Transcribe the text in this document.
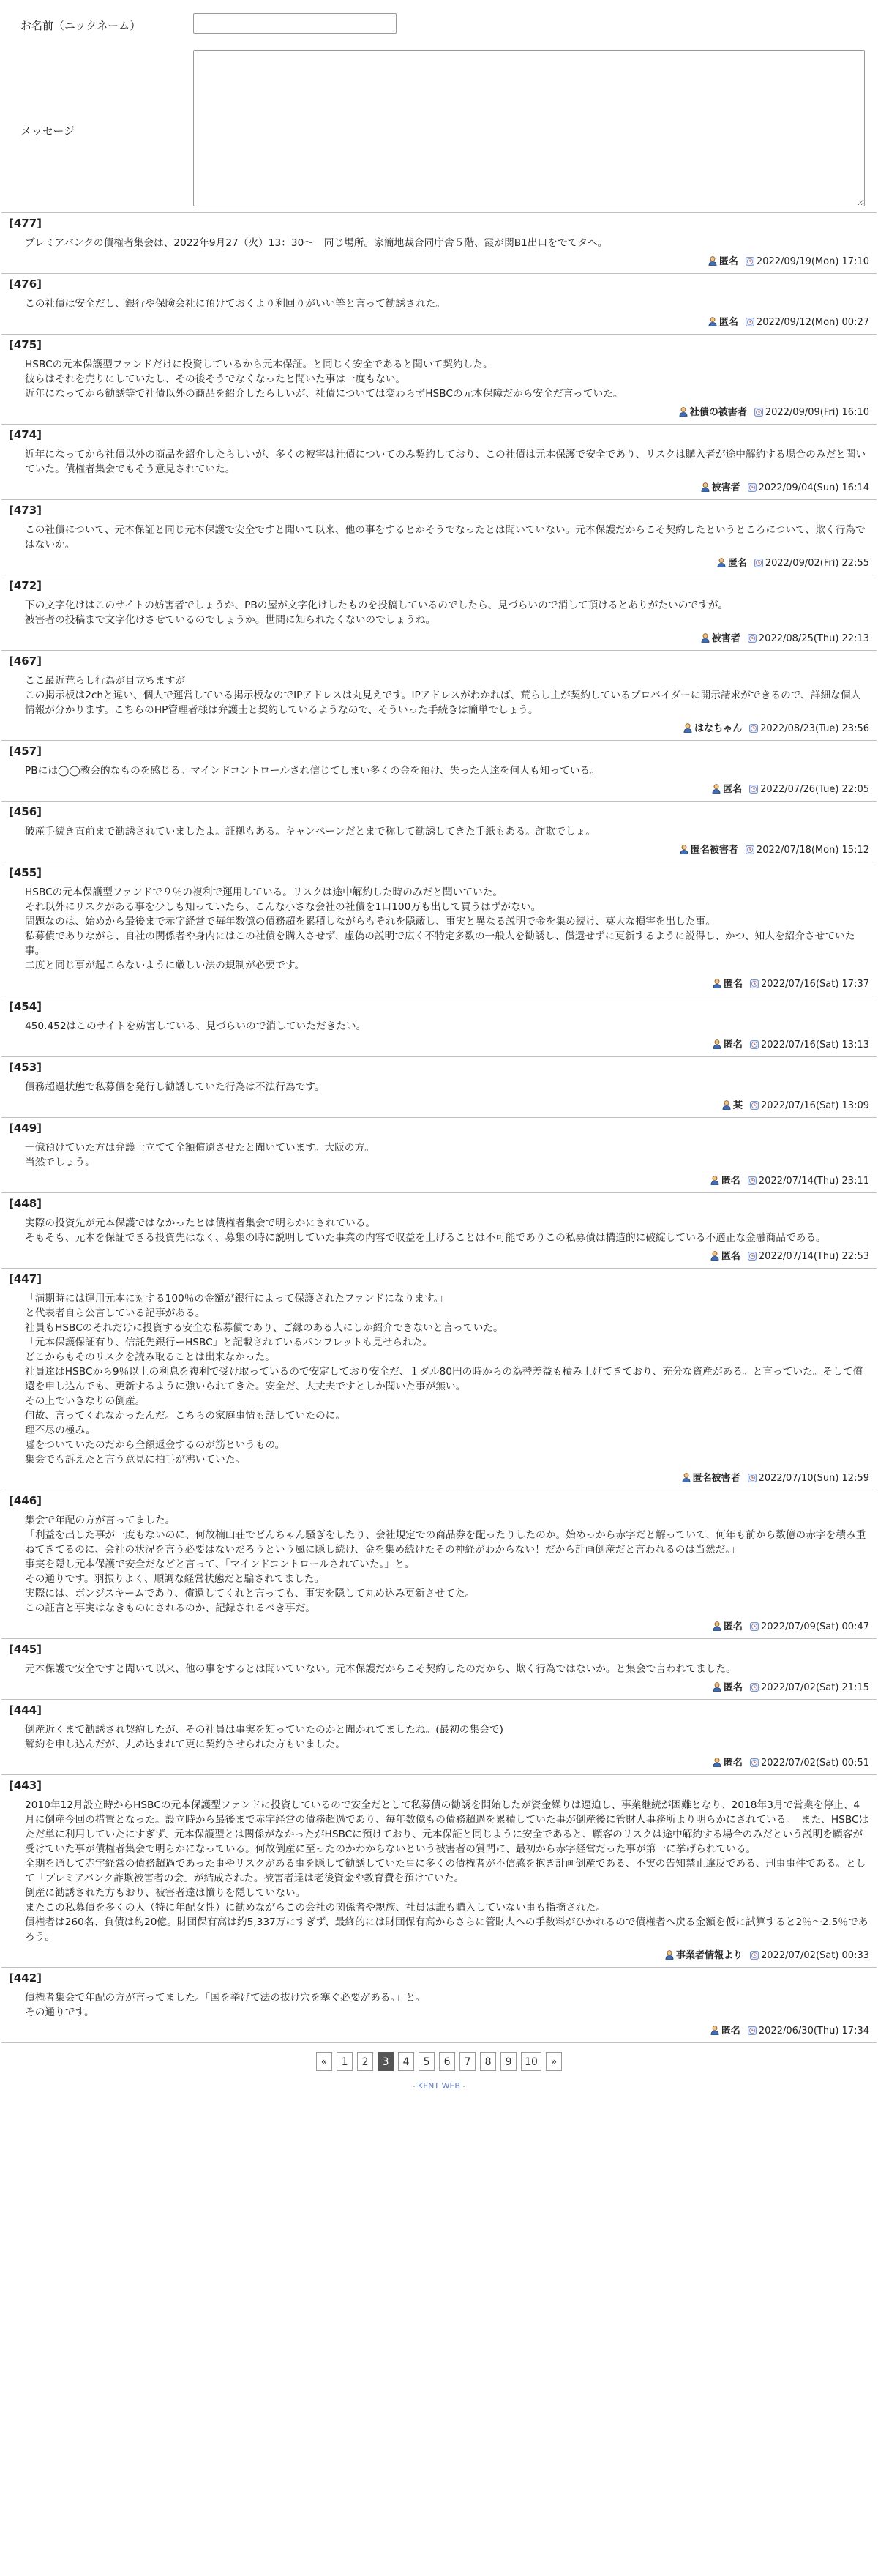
お名前（ニックネーム）
メッセージ
[477]
プレミアバンクの債権者集会は、2022年9月27（火）13：30〜　同じ場所。家簡地裁合同庁舎５階、霞が関B1出口をでてタへ。
匿名 2022/09/19(Mon) 17:10
[476]
この社債は安全だし、銀行や保険会社に預けておくより利回りがいい等と言って勧誘された。
匿名 2022/09/12(Mon) 00:27
[475]
HSBCの元本保護型ファンドだけに投資しているから元本保証。と同じく安全であると聞いて契約した。
彼らはそれを売りにしていたし、その後そうでなくなったと聞いた事は一度もない。
近年になってから勧誘等で社債以外の商品を紹介したらしいが、社債については変わらずHSBCの元本保障だから安全だ言っていた。
社債の被害者 2022/09/09(Fri) 16:10
[474]
近年になってから社債以外の商品を紹介したらしいが、多くの被害は社債についてのみ契約しており、この社債は元本保護で安全であり、リスクは購入者が途中解約する場合のみだと聞いていた。債権者集会でもそう意見されていた。
被害者 2022/09/04(Sun) 16:14
[473]
この社債について、元本保証と同じ元本保護で安全ですと聞いて以来、他の事をするとかそうでなったとは聞いていない。元本保護だからこそ契約したというところについて、欺く行為ではないか。
匿名 2022/09/02(Fri) 22:55
[472]
下の文字化けはこのサイトの妨害者でしょうか、PBの屋が文字化けしたものを投稿しているのでしたら、見づらいので消して頂けるとありがたいのですが。
被害者の投稿まで文字化けさせているのでしょうか。世間に知られたくないのでしょうね。
被害者 2022/08/25(Thu) 22:13
[467]
ここ最近荒らし行為が目立ちますが
この掲示板は2chと違い、個人で運営している掲示板なのでIPアドレスは丸見えです。IPアドレスがわかれば、荒らし主が契約しているプロバイダーに開示請求ができるので、詳細な個人情報が分かります。こちらのHP管理者様は弁護士と契約しているようなので、そういった手続きは簡単でしょう。
はなちゃん 2022/08/23(Tue) 23:56
[457]
PBには◯◯教会的なものを感じる。マインドコントロールされ信じてしまい多くの金を預け、失った人達を何人も知っている。
匿名 2022/07/26(Tue) 22:05
[456]
破産手続き直前まで勧誘されていましたよ。証拠もある。キャンペーンだとまで称して勧誘してきた手紙もある。詐欺でしょ。
匿名被害者 2022/07/18(Mon) 15:12
[455]
HSBCの元本保護型ファンドで９％の複利で運用している。リスクは途中解約した時のみだと聞いていた。
それ以外にリスクがある事を少しも知っていたら、こんな小さな会社の社債を1口100万も出して買うはずがない。
問題なのは、始めから最後まで赤字経営で毎年数億の債務超を累積しながらもそれを隠蔽し、事実と異なる説明で金を集め続け、莫大な損害を出した事。
私募債でありながら、自社の関係者や身内にはこの社債を購入させず、虚偽の説明で広く不特定多数の一般人を勧誘し、償還せずに更新するように説得し、かつ、知人を紹介させていた事。
二度と同じ事が起こらないように厳しい法の規制が必要です。
匿名 2022/07/16(Sat) 17:37
[454]
450.452はこのサイトを妨害している、見づらいので消していただきたい。
匿名 2022/07/16(Sat) 13:13
[453]
債務超過状態で私募債を発行し勧誘していた行為は不法行為です。
某 2022/07/16(Sat) 13:09
[449]
一億預けていた方は弁護士立てて全額償還させたと聞いています。大阪の方。
当然でしょう。
匿名 2022/07/14(Thu) 23:11
[448]
実際の投資先が元本保護ではなかったとは債権者集会で明らかにされている。
そもそも、元本を保証できる投資先はなく、募集の時に説明していた事業の内容で収益を上げることは不可能でありこの私募債は構造的に破綻している不適正な金融商品である。
匿名 2022/07/14(Thu) 22:53
[447]
「満期時には運用元本に対する100％の金額が銀行によって保護されたファンドになります。」
と代表者自ら公言している記事がある。
社員もHSBCのそれだけに投資する安全な私募債であり、ご縁のある人にしか紹介できないと言っていた。
「元本保護保証有り、信託先銀行ーHSBC」と記載されているパンフレットも見せられた。
どこからもそのリスクを読み取ることは出来なかった。
社員達はHSBCから9％以上の利息を複利で受け取っているので安定しており安全だ、１ダル80円の時からの為替差益も積み上げてきており、充分な資産がある。と言っていた。そして償還を申し込んでも、更新するように強いられてきた。安全だ、大丈夫ですとしか聞いた事が無い。
その上でいきなりの倒産。
何故、言ってくれなかったんだ。こちらの家庭事情も話していたのに。
理不尽の極み。
嘘をついていたのだから全額返金するのが筋というもの。
集会でも訴えたと言う意見に拍手が沸いていた。
匿名被害者 2022/07/10(Sun) 12:59
[446]
集会で年配の方が言ってました。
「利益を出した事が一度もないのに、何故楠山荘でどんちゃん騒ぎをしたり、会社規定での商品券を配ったりしたのか。始めっから赤字だと解っていて、何年も前から数億の赤字を積み重ねてきてるのに、会社の状況を言う必要はないだろうという風に隠し続け、金を集め続けたその神経がわからない！だから計画倒産だと言われるのは当然だ。」
事実を隠し元本保護で安全だなどと言って、「マインドコントロールされていた。」と。
その通りです。羽振りよく、順調な経営状態だと騙されてました。
実際には、ボンジスキームであり、償還してくれと言っても、事実を隠して丸め込み更新させてた。
この証言と事実はなきものにされるのか、記録されるべき事だ。
匿名 2022/07/09(Sat) 00:47
[445]
元本保護で安全ですと聞いて以来、他の事をするとは聞いていない。元本保護だからこそ契約したのだから、欺く行為ではないか。と集会で言われてました。
匿名 2022/07/02(Sat) 21:15
[444]
倒産近くまで勧誘され契約したが、その社員は事実を知っていたのかと聞かれてましたね。(最初の集会で)
解約を申し込んだが、丸め込まれて更に契約させられた方もいました。
匿名 2022/07/02(Sat) 00:51
[443]
2010年12月設立時からHSBCの元本保護型ファンドに投資しているので安全だとして私募債の勧誘を開始したが資金繰りは逼迫し、事業継続が困難となり、2018年3月で営業を停止、4月に倒産今回の措置となった。設立時から最後まで赤字経営の債務超過であり、毎年数億もの債務超過を累積していた事が倒産後に管財人事務所より明らかにされている。　また、HSBCはただ単に利用していたにすぎず、元本保護型とは関係がなかったがHSBCに預けており、元本保証と同じように安全であると、顧客のリスクは途中解約する場合のみだという説明を顧客が受けていた事が債権者集会で明らかになっている。何故倒産に至ったのかわからないという被害者の質問に、最初から赤字経営だった事が第一に挙げられている。
全期を通して赤字経営の債務超過であった事やリスクがある事を隠して勧誘していた事に多くの債権者が不信感を抱き計画倒産である、不実の告知禁止違反である、刑事事件である。として「プレミアバンク詐欺被害者の会」が結成された。被害者達は老後資金や教育費を預けていた。
倒産に勧誘された方もおり、被害者達は憤りを隠していない。
またこの私募債を多くの人（特に年配女性）に勧めながらこの会社の関係者や親族、社員は誰も購入していない事も指摘された。
債権者は260名、負債は約20億。財団保有高は約5,337万にすぎず、最終的には財団保有高からさらに管財人への手数料がひかれるので債権者へ戻る金額を仮に試算すると2％〜2.5％であろう。
事業者情報より 2022/07/02(Sat) 00:33
[442]
債権者集会で年配の方が言ってました。「国を挙げて法の抜け穴を塞ぐ必要がある。」と。
その通りです。
匿名 2022/06/30(Thu) 17:34
«	1	2	3	4	5	6	7	8	9	10	»
- KENT WEB -
